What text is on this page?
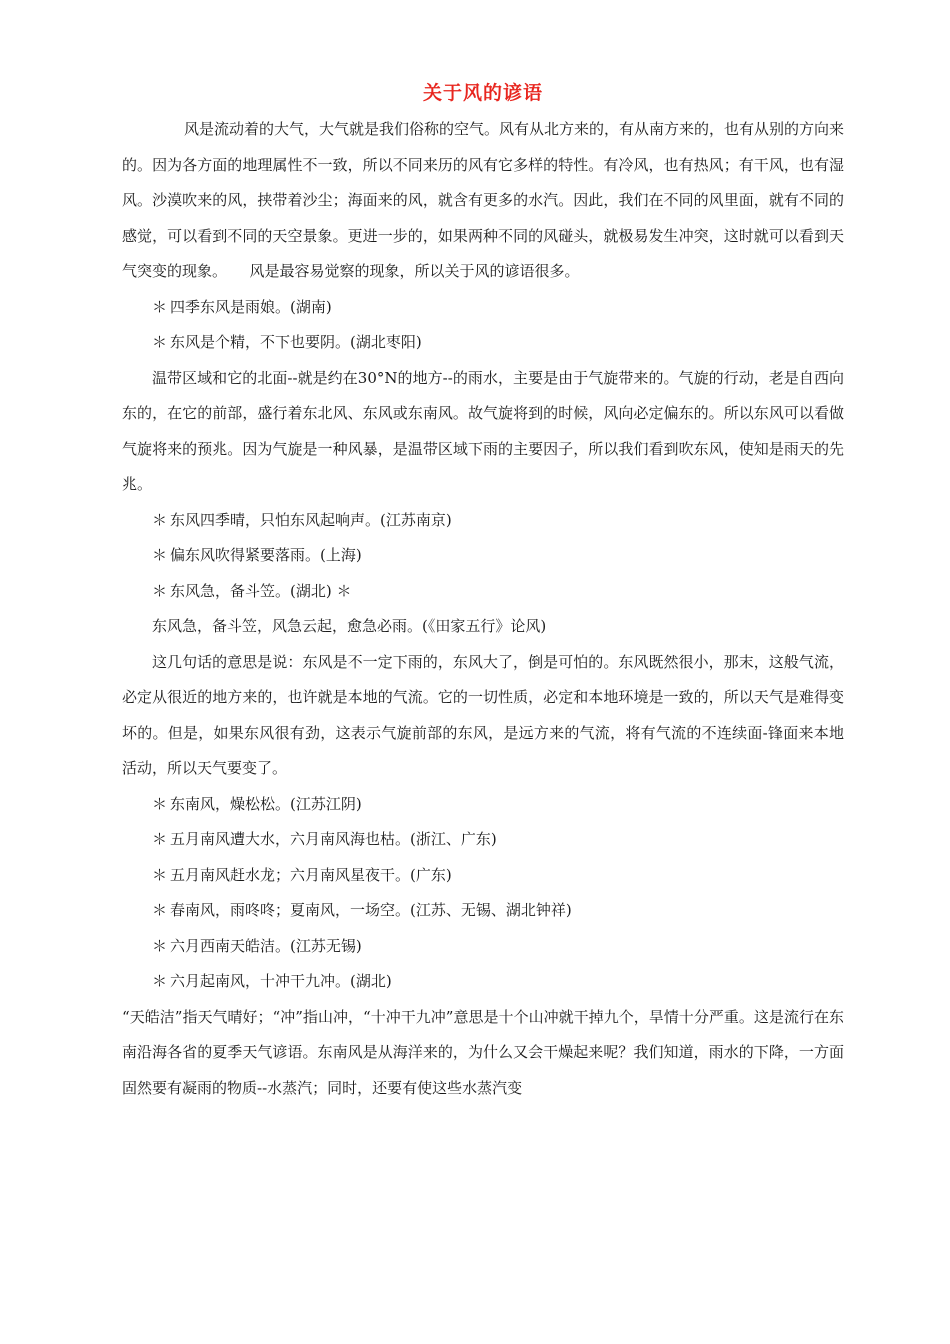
关于风的谚语

风是流动着的大气，大气就是我们俗称的空气。风有从北方来的，有从南方来的，也有从别的方向来的。因为各方面的地理属性不一致，所以不同来历的风有它多样的特性。有冷风，也有热风；有干风，也有湿风。沙漠吹来的风，挟带着沙尘；海面来的风，就含有更多的水汽。因此，我们在不同的风里面，就有不同的感觉，可以看到不同的天空景象。更进一步的，如果两种不同的风碰头，就极易发生冲突，这时就可以看到天气突变的现象。　　风是最容易觉察的现象，所以关于风的谚语很多。

＊ 四季东风是雨娘。(湖南)
＊ 东风是个精，不下也要阴。(湖北枣阳)

温带区域和它的北面--就是约在30°N的地方--的雨水，主要是由于气旋带来的。气旋的行动，老是自西向东的，在它的前部，盛行着东北风、东风或东南风。故气旋将到的时候，风向必定偏东的。所以东风可以看做气旋将来的预兆。因为气旋是一种风暴，是温带区域下雨的主要因子，所以我们看到吹东风，使知是雨天的先兆。

＊ 东风四季晴，只怕东风起响声。(江苏南京)
＊ 偏东风吹得紧要落雨。(上海)
＊ 东风急，备斗笠。(湖北) ＊
东风急，备斗笠，风急云起，愈急必雨。(《田家五行》论风)

这几句话的意思是说：东风是不一定下雨的，东风大了，倒是可怕的。东风既然很小，那末，这般气流，必定从很近的地方来的，也许就是本地的气流。它的一切性质，必定和本地环境是一致的，所以天气是难得变坏的。但是，如果东风很有劲，这表示气旋前部的东风，是远方来的气流，将有气流的不连续面-锋面来本地活动，所以天气要变了。

＊ 东南风，燥松松。(江苏江阴)
＊ 五月南风遭大水，六月南风海也枯。(浙江、广东)
＊ 五月南风赶水龙；六月南风星夜干。(广东)
＊ 春南风，雨咚咚；夏南风，一场空。(江苏、无锡、湖北钟祥)
＊ 六月西南天皓洁。(江苏无锡)
＊ 六月起南风，十冲干九冲。(湖北)

“天皓洁”指天气晴好；“冲”指山冲，“十冲干九冲”意思是十个山冲就干掉九个，旱情十分严重。这是流行在东南沿海各省的夏季天气谚语。东南风是从海洋来的，为什么又会干燥起来呢？我们知道，雨水的下降，一方面固然要有凝雨的物质--水蒸汽；同时，还要有使这些水蒸汽变
